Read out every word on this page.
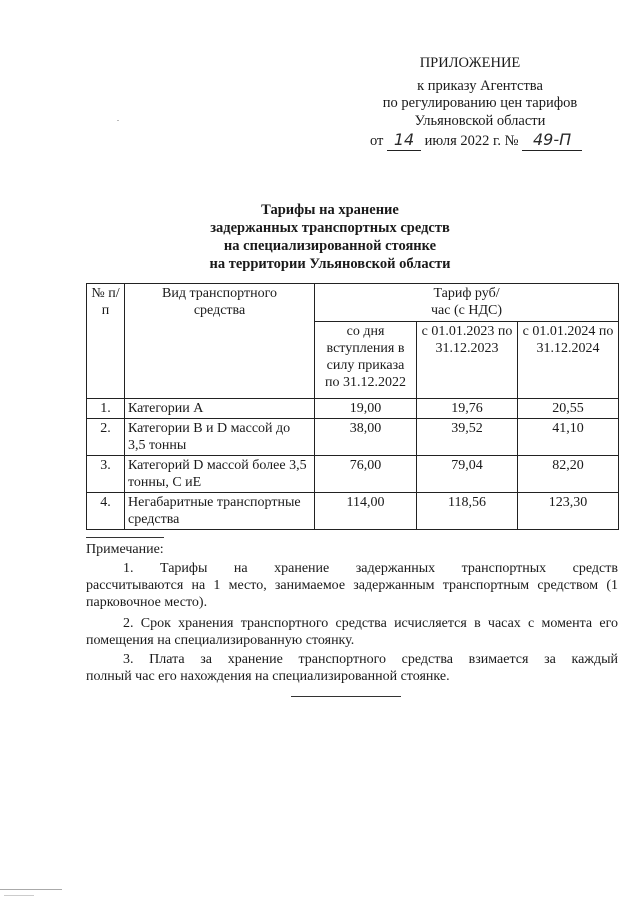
ПРИЛОЖЕНИЕ
к приказу Агентства
по регулированию цен тарифов
Ульяновской области
от 14 июля 2022 г. № 49-П
Тарифы на хранение
задержанных транспортных средств
на специализированной стоянке
на территории Ульяновской области
№ п/п	Вид транспортного средства	Тариф руб/час (с НДС)		
		со дня вступления в силу приказа по 31.12.2022	с 01.01.2023 по 31.12.2023	с 01.01.2024 по 31.12.2024
1.	Категории А	19,00	19,76	20,55
2.	Категории B и D массой до 3,5 тонны	38,00	39,52	41,10
3.	Категорий D массой более 3,5 тонны, С иЕ	76,00	79,04	82,20
4.	Негабаритные транспортные средства	114,00	118,56	123,30
Примечание:
1. Тарифы на хранение задержанных транспортных средств
рассчитываются на 1 место, занимаемое задержанным транспортным средством (1 парковочное место).
2. Срок хранения транспортного средства исчисляется в часах с момента его помещения на специализированную стоянку.
3. Плата за хранение транспортного средства взимается за каждый
полный час его нахождения на специализированной стоянке.
